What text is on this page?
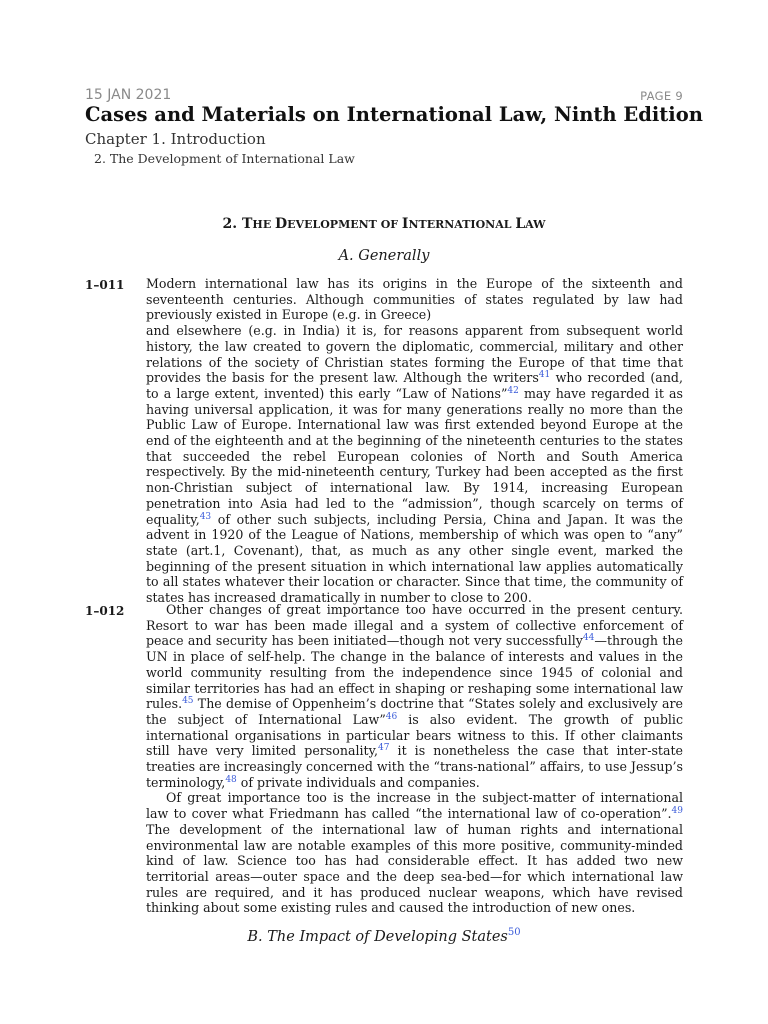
15 JAN 2021	PAGE 9
Cases and Materials on International Law, Ninth Edition
Chapter 1. Introduction
2. The Development of International Law
2. THE DEVELOPMENT OF INTERNATIONAL LAW
A. Generally
1–011 Modern international law has its origins in the Europe of the sixteenth and seventeenth centuries. Although communities of states regulated by law had previously existed in Europe (e.g. in Greece)

and elsewhere (e.g. in India) it is, for reasons apparent from subsequent world history, the law created to govern the diplomatic, commercial, military and other relations of the society of Christian states forming the Europe of that time that provides the basis for the present law. Although the writers$^{41}$ who recorded (and, to a large extent, invented) this early “Law of Nations”$^{42}$ may have regarded it as having universal application, it was for many generations really no more than the Public Law of Europe. International law was first extended beyond Europe at the end of the eighteenth and at the beginning of the nineteenth centuries to the states that succeeded the rebel European colonies of North and South America respectively. By the mid-nineteenth century, Turkey had been accepted as the first non-Christian subject of international law. By 1914, increasing European penetration into Asia had led to the “admission”, though scarcely on terms of equality,$^{43}$ of other such subjects, including Persia, China and Japan. It was the advent in 1920 of the League of Nations, membership of which was open to “any” state (art.1, Covenant), that, as much as any other single event, marked the beginning of the present situation in which international law applies automatically to all states whatever their location or character. Since that time, the community of states has increased dramatically in number to close to 200.

1–012	Other changes of great importance too have occurred in the present century. Resort to war has been made illegal and a system of collective enforcement of peace and security has been initiated—though not very successfully$^{44}$—through the UN in place of self-help. The change in the balance of interests and values in the world community resulting from the independence since 1945 of colonial and similar territories has had an effect in shaping or reshaping some international law rules.$^{45}$ The demise of Oppenheim’s doctrine that “States solely and exclusively are the subject of International Law”$^{46}$ is also evident. The growth of public international organisations in particular bears witness to this. If other claimants still have very limited personality,$^{47}$ it is nonetheless the case that inter-state treaties are increasingly concerned with the “trans-national” affairs, to use Jessup’s terminology,$^{48}$ of private individuals and companies.

Of great importance too is the increase in the subject-matter of international law to cover what Friedmann has called “the international law of co-operation”.$^{49}$ The development of the international law of human rights and international environmental law are notable examples of this more positive, community-minded kind of law. Science too has had considerable effect. It has added two new territorial areas—outer space and the deep sea-bed—for which international law rules are required, and it has produced nuclear weapons, which have revised thinking about some existing rules and caused the introduction of new ones.

B. The Impact of Developing States$^{50}$
